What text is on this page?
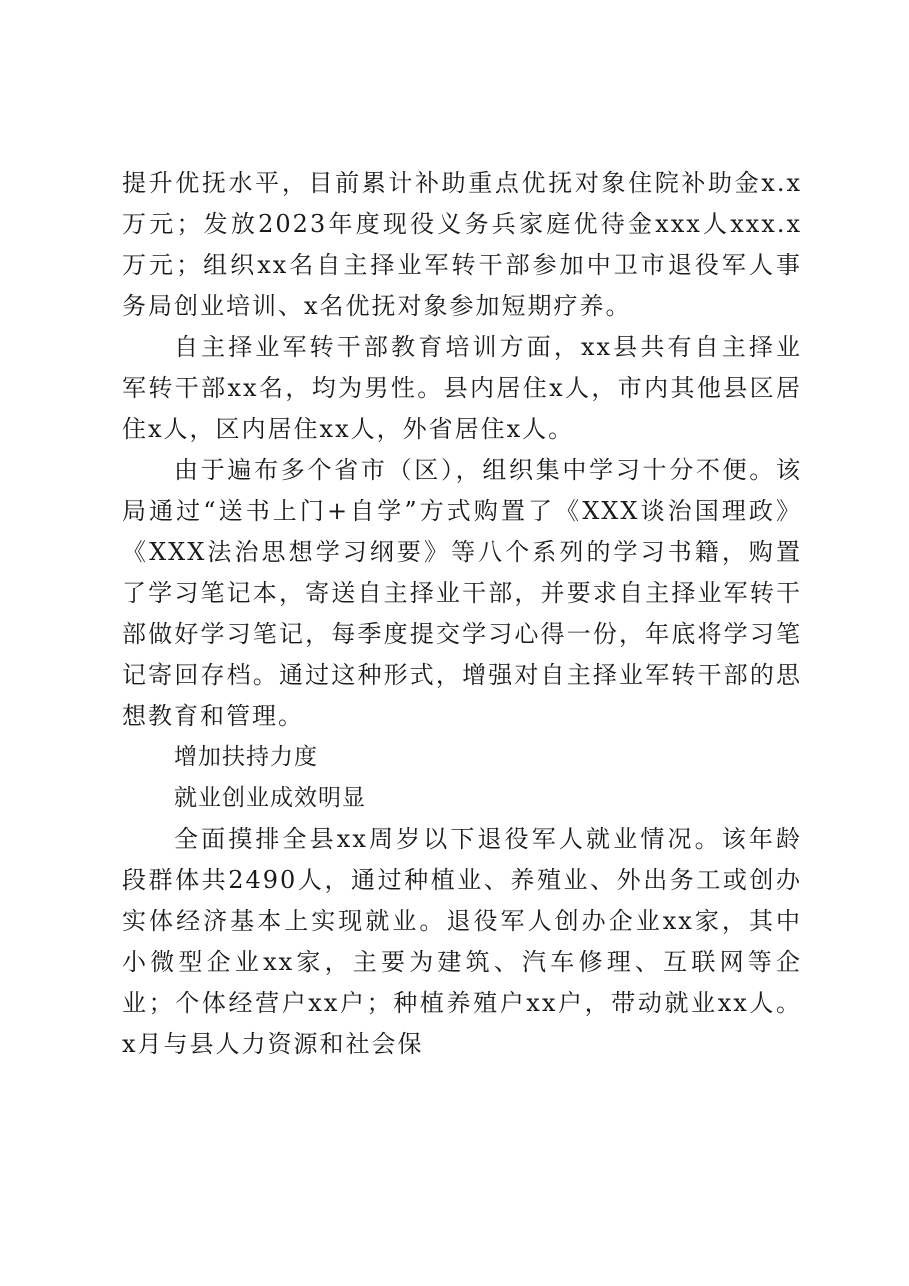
提升优抚水平，目前累计补助重点优抚对象住院补助金x.x万元；发放2023年度现役义务兵家庭优待金xxx人xxx.x万元；组织xx名自主择业军转干部参加中卫市退役军人事务局创业培训、x名优抚对象参加短期疗养。

自主择业军转干部教育培训方面，xx县共有自主择业军转干部xx名，均为男性。县内居住x人，市内其他县区居住x人，区内居住xx人，外省居住x人。

由于遍布多个省市（区），组织集中学习十分不便。该局通过“送书上门+自学”方式购置了《XXX谈治国理政》《XXX法治思想学习纲要》等八个系列的学习书籍，购置了学习笔记本，寄送自主择业干部，并要求自主择业军转干部做好学习笔记，每季度提交学习心得一份，年底将学习笔记寄回存档。通过这种形式，增强对自主择业军转干部的思想教育和管理。

增加扶持力度

就业创业成效明显

全面摸排全县xx周岁以下退役军人就业情况。该年龄段群体共2490人，通过种植业、养殖业、外出务工或创办实体经济基本上实现就业。退役军人创办企业xx家，其中小微型企业xx家，主要为建筑、汽车修理、互联网等企业；个体经营户xx户；种植养殖户xx户，带动就业xx人。x月与县人力资源和社会保
